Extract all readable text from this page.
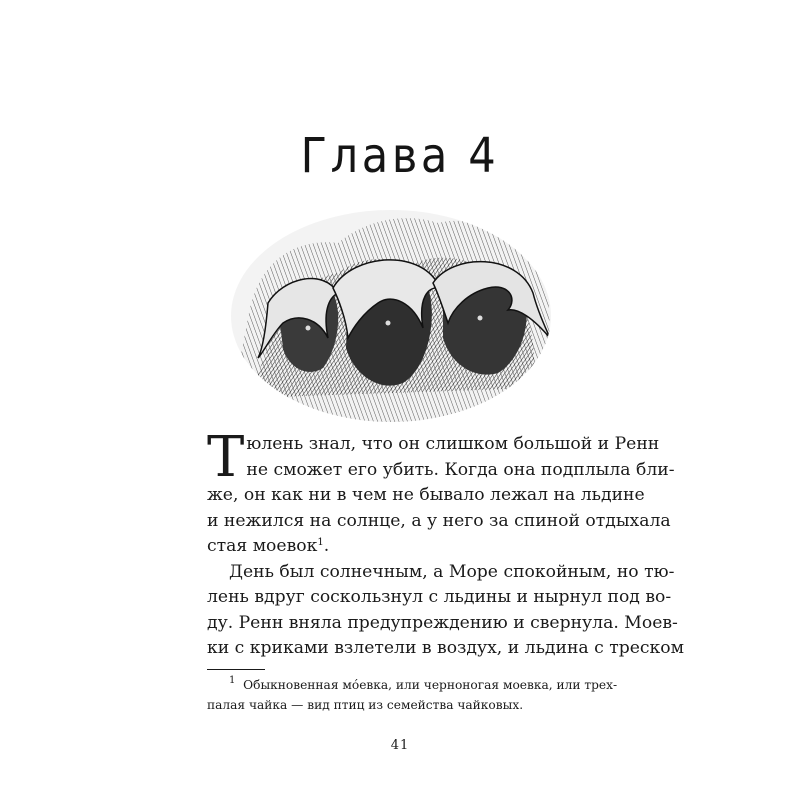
Глава 4
Т юлень знал, что он слишком большой и Ренн
не сможет его убить. Когда она подплыла бли-
же, он как ни в чем не бывало лежал на льдине
и нежился на солнце, а у него за спиной отдыхала
стая моевок$^1$.
День был солнечным, а Море спокойным, но тю-
лень вдруг соскользнул с льдины и нырнул под во-
ду. Ренн вняла предупреждению и свернула. Моев-
ки с криками взлетели в воздух, и льдина с треском
$^1$ Обыкновенная мóевка, или черноногая моевка, или трех-
палая чайка — вид птиц из семейства чайковых.
41
